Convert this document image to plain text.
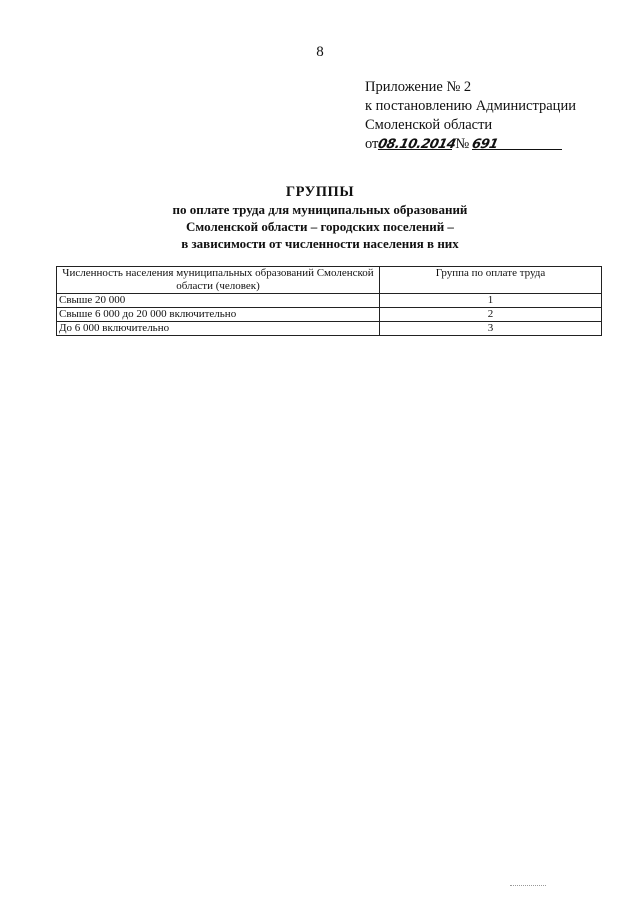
8
Приложение № 2
к постановлению Администрации
Смоленской области
от
08.10.2014
№ 691
ГРУППЫ
по оплате труда для муниципальных образований
Смоленской области – городских поселений –
в зависимости от численности населения в них
Численность населения муниципальных образований Смоленской области (человек)	Группа по оплате труда
Свыше 20 000	1
Свыше 6 000 до 20 000 включительно	2
До 6 000 включительно	3
